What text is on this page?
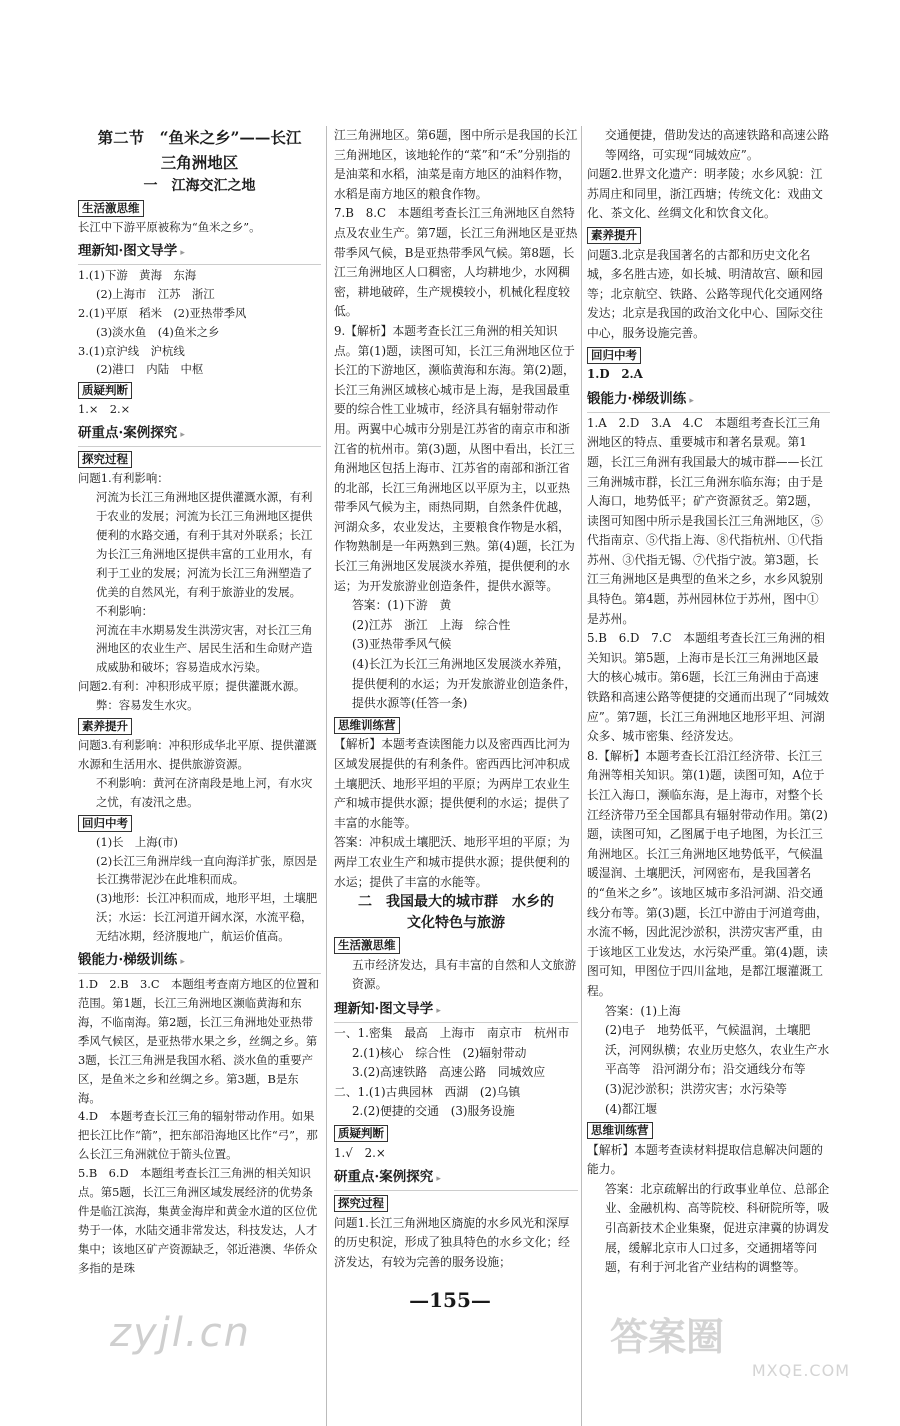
第二节　“鱼米之乡”——长江
三角洲地区
一　江海交汇之地
生活激思维
长江中下游平原被称为“鱼米之乡”。
理新知·图文导学 ▸
1.(1)下游　黄海　东海
(2)上海市　江苏　浙江
2.(1)平原　稻米　(2)亚热带季风
(3)淡水鱼　(4)鱼米之乡
3.(1)京沪线　沪杭线
(2)港口　内陆　中枢
质疑判断
1.×　2.×
研重点·案例探究 ▸
探究过程
问题1.有利影响：
河流为长江三角洲地区提供灌溉水源，有利于农业的发展；河流为长江三角洲地区提供便利的水路交通，有利于其对外联系；长江为长江三角洲地区提供丰富的工业用水，有利于工业的发展；河流为长江三角洲塑造了优美的自然风光，有利于旅游业的发展。
不利影响：
河流在丰水期易发生洪涝灾害，对长江三角洲地区的农业生产、居民生活和生命财产造成威胁和破坏；容易造成水污染。
问题2.有利：冲积形成平原；提供灌溉水源。
弊：容易发生水灾。
素养提升
问题3.有利影响：冲积形成华北平原、提供灌溉水源和生活用水、提供旅游资源。
不利影响：黄河在济南段是地上河，有水灾之忧，有凌汛之患。
回归中考
(1)长　上海(市)
(2)长江三角洲岸线一直向海洋扩张，原因是长江携带泥沙在此堆积而成。
(3)地形：长江冲积而成，地形平坦，土壤肥沃；水运：长江河道开阔水深，水流平稳，无结冰期，经济腹地广，航运价值高。
锻能力·梯级训练 ▸
1.D　2.B　3.C　本题组考查南方地区的位置和范围。第1题，长江三角洲地区濒临黄海和东海，不临南海。第2题，长江三角洲地处亚热带季风气候区，是亚热带水果之乡，丝绸之乡。第3题，长江三角洲是我国水稻、淡水鱼的重要产区，是鱼米之乡和丝绸之乡。第3题，B是东海。
4.D　本题考查长江三角的辐射带动作用。如果把长江比作“箭”，把东部沿海地区比作“弓”，那么长江三角洲就位于箭头位置。
5.B　6.D　本题组考查长江三角洲的相关知识点。第5题，长江三角洲区域发展经济的优势条件是临江滨海，集黄金海岸和黄金水道的区位优势于一体，水陆交通非常发达，科技发达，人才集中；该地区矿产资源缺乏，邻近港澳、华侨众多指的是珠
江三角洲地区。第6题，图中所示是我国的长江三角洲地区，该地轮作的“菜”和“禾”分别指的是油菜和水稻，油菜是南方地区的油料作物，水稻是南方地区的粮食作物。
7.B　8.C　本题组考查长江三角洲地区自然特点及农业生产。第7题，长江三角洲地区是亚热带季风气候，B是亚热带季风气候。第8题，长江三角洲地区人口稠密，人均耕地少，水网稠密，耕地破碎，生产规模较小，机械化程度较低。
9.【解析】本题考查长江三角洲的相关知识点。第(1)题，读图可知，长江三角洲地区位于长江的下游地区，濒临黄海和东海。第(2)题，长江三角洲区域核心城市是上海，是我国最重要的综合性工业城市，经济具有辐射带动作用。两翼中心城市分别是江苏省的南京市和浙江省的杭州市。第(3)题，从图中看出，长江三角洲地区包括上海市、江苏省的南部和浙江省的北部，长江三角洲地区以平原为主，以亚热带季风气候为主，雨热同期，自然条件优越，河湖众多，农业发达，主要粮食作物是水稻，作物熟制是一年两熟到三熟。第(4)题，长江为长江三角洲地区发展淡水养殖，提供便利的水运；为开发旅游业创造条件，提供水源等。
答案：(1)下游　黄
(2)江苏　浙江　上海　综合性
(3)亚热带季风气候
(4)长江为长江三角洲地区发展淡水养殖，提供便利的水运；为开发旅游业创造条件，提供水源等(任答一条)
思维训练营
【解析】本题考查读图能力以及密西西比河为区域发展提供的有利条件。密西西比河冲积成土壤肥沃、地形平坦的平原；为两岸工农业生产和城市提供水源；提供便利的水运；提供了丰富的水能等。
答案：冲积成土壤肥沃、地形平坦的平原；为两岸工农业生产和城市提供水源；提供便利的水运；提供了丰富的水能等。
二　我国最大的城市群　水乡的
文化特色与旅游
生活激思维
五市经济发达，具有丰富的自然和人文旅游资源。
理新知·图文导学 ▸
一、1.密集　最高　上海市　南京市　杭州市
2.(1)核心　综合性　(2)辐射带动
3.(2)高速铁路　高速公路　同城效应
二、1.(1)古典园林　西湖　(2)乌镇
2.(2)便捷的交通　(3)服务设施
质疑判断
1.√　2.×
研重点·案例探究 ▸
探究过程
问题1.长江三角洲地区旖旎的水乡风光和深厚的历史积淀，形成了独具特色的水乡文化；经济发达，有较为完善的服务设施；
交通便捷，借助发达的高速铁路和高速公路等网络，可实现“同城效应”。
问题2.世界文化遗产：明孝陵；水乡风貌：江苏周庄和同里，浙江西塘；传统文化：戏曲文化、茶文化、丝绸文化和饮食文化。
素养提升
问题3.北京是我国著名的古都和历史文化名城，多名胜古迹，如长城、明清故宫、颐和园等；北京航空、铁路、公路等现代化交通网络发达；北京是我国的政治文化中心、国际交往中心，服务设施完善。
回归中考
1.D　2.A
锻能力·梯级训练 ▸
1.A　2.D　3.A　4.C　本题组考查长江三角洲地区的特点、重要城市和著名景观。第1题，长江三角洲有我国最大的城市群——长江三角洲城市群，长江三角洲东临东海；由于是人海口，地势低平；矿产资源贫乏。第2题，读图可知图中所示是我国长江三角洲地区，⑤代指南京、⑤代指上海、⑧代指杭州、①代指苏州、③代指无锡、⑦代指宁波。第3题，长江三角洲地区是典型的鱼米之乡，水乡风貌别具特色。第4题，苏州园林位于苏州，图中①是苏州。
5.B　6.D　7.C　本题组考查长江三角洲的相关知识。第5题，上海市是长江三角洲地区最大的核心城市。第6题，长江三角洲由于高速铁路和高速公路等便捷的交通而出现了“同城效应”。第7题，长江三角洲地区地形平坦、河湖众多、城市密集、经济发达。
8.【解析】本题考查长江沿江经济带、长江三角洲等相关知识。第(1)题，读图可知，A位于长江入海口，濒临东海，是上海市，对整个长江经济带乃至全国都具有辐射带动作用。第(2)题，读图可知，乙图属于电子地图，为长江三角洲地区。长江三角洲地区地势低平，气候温暖湿润、土壤肥沃，河网密布，是我国著名的“鱼米之乡”。该地区城市多沿河湖、沿交通线分布等。第(3)题，长江中游由于河道弯曲，水流不畅，因此泥沙淤积，洪涝灾害严重，由于该地区工业发达，水污染严重。第(4)题，读图可知，甲图位于四川盆地，是都江堰灌溉工程。
答案：(1)上海
(2)电子　地势低平，气候温润，土壤肥沃，河网纵横；农业历史悠久，农业生产水平高等　沿河湖分布；沿交通线分布等
(3)泥沙淤积；洪涝灾害；水污染等
(4)都江堰
思维训练营
【解析】本题考查读材料提取信息解决问题的能力。
答案：北京疏解出的行政事业单位、总部企业、金融机构、高等院校、科研院所等，吸引高新技术企业集聚，促进京津冀的协调发展，缓解北京市人口过多，交通拥堵等问题，有利于河北省产业结构的调整等。
—155—
zyjl.cn	答案圈
MXQE.COM
